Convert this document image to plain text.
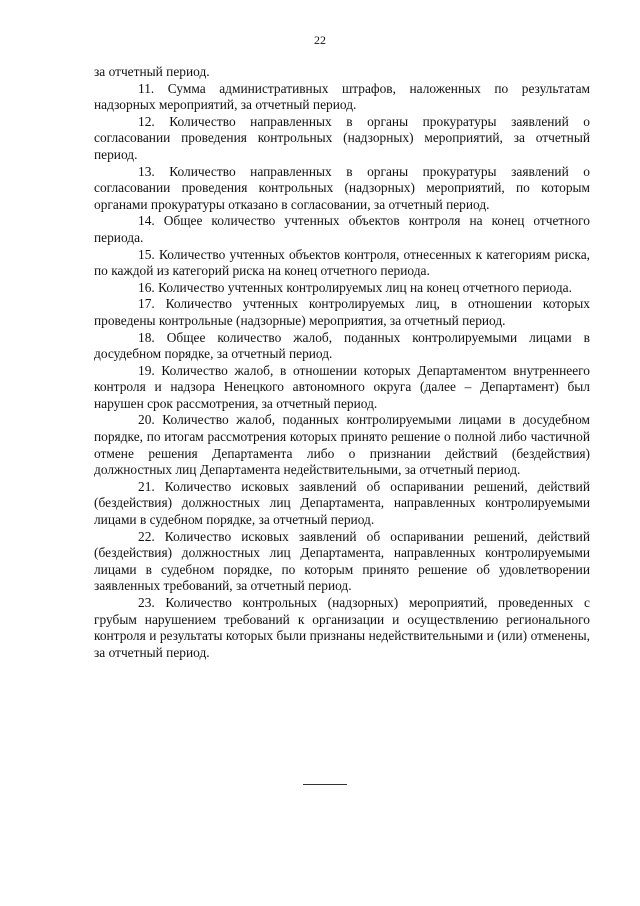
22

за отчетный период.

11. Сумма административных штрафов, наложенных по результатам надзорных мероприятий, за отчетный период.

12. Количество направленных в органы прокуратуры заявлений о согласовании проведения контрольных (надзорных) мероприятий, за отчетный период.

13. Количество направленных в органы прокуратуры заявлений о согласовании проведения контрольных (надзорных) мероприятий, по которым органами прокуратуры отказано в согласовании, за отчетный период.

14. Общее количество учтенных объектов контроля на конец отчетного периода.

15. Количество учтенных объектов контроля, отнесенных к категориям риска, по каждой из категорий риска на конец отчетного периода.

16. Количество учтенных контролируемых лиц на конец отчетного периода.

17. Количество учтенных контролируемых лиц, в отношении которых проведены контрольные (надзорные) мероприятия, за отчетный период.

18. Общее количество жалоб, поданных контролируемыми лицами в досудебном порядке, за отчетный период.

19. Количество жалоб, в отношении которых Департаментом внутреннеего контроля и надзора Ненецкого автономного округа (далее – Департамент) был нарушен срок рассмотрения, за отчетный период.

20. Количество жалоб, поданных контролируемыми лицами в досудебном порядке, по итогам рассмотрения которых принято решение о полной либо частичной отмене решения Департамента либо о признании действий (бездействия) должностных лиц Департамента недействительными, за отчетный период.

21. Количество исковых заявлений об оспаривании решений, действий (бездействия) должностных лиц Департамента, направленных контролируемыми лицами в судебном порядке, за отчетный период.

22. Количество исковых заявлений об оспаривании решений, действий (бездействия) должностных лиц Департамента, направленных контролируемыми лицами в судебном порядке, по которым принято решение об удовлетворении заявленных требований, за отчетный период.

23. Количество контрольных (надзорных) мероприятий, проведенных с грубым нарушением требований к организации и осуществлению регионального контроля и результаты которых были признаны недействительными и (или) отменены, за отчетный период.
